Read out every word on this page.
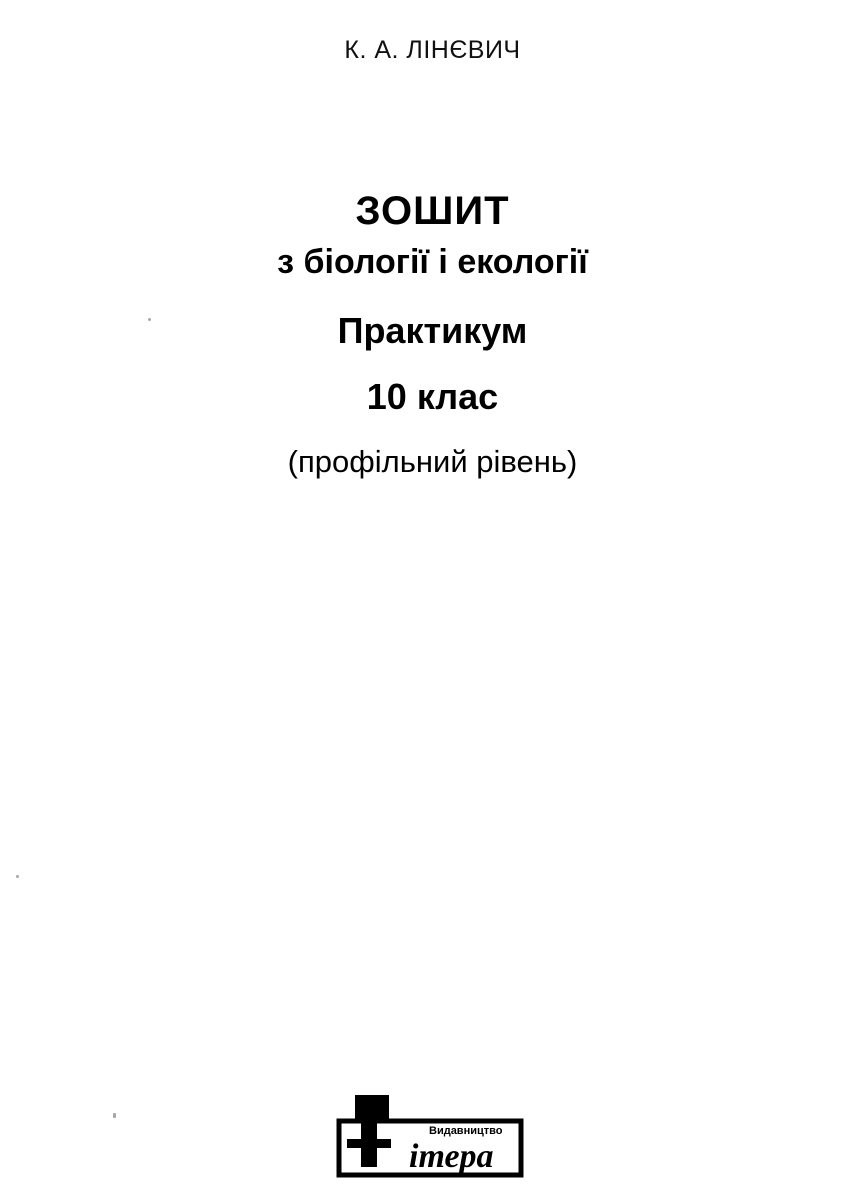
К. А. ЛІНЄВИЧ
ЗОШИТ
з біології і екології
Практикум
10 клас
(профільний рівень)
ітера
Видавництво
